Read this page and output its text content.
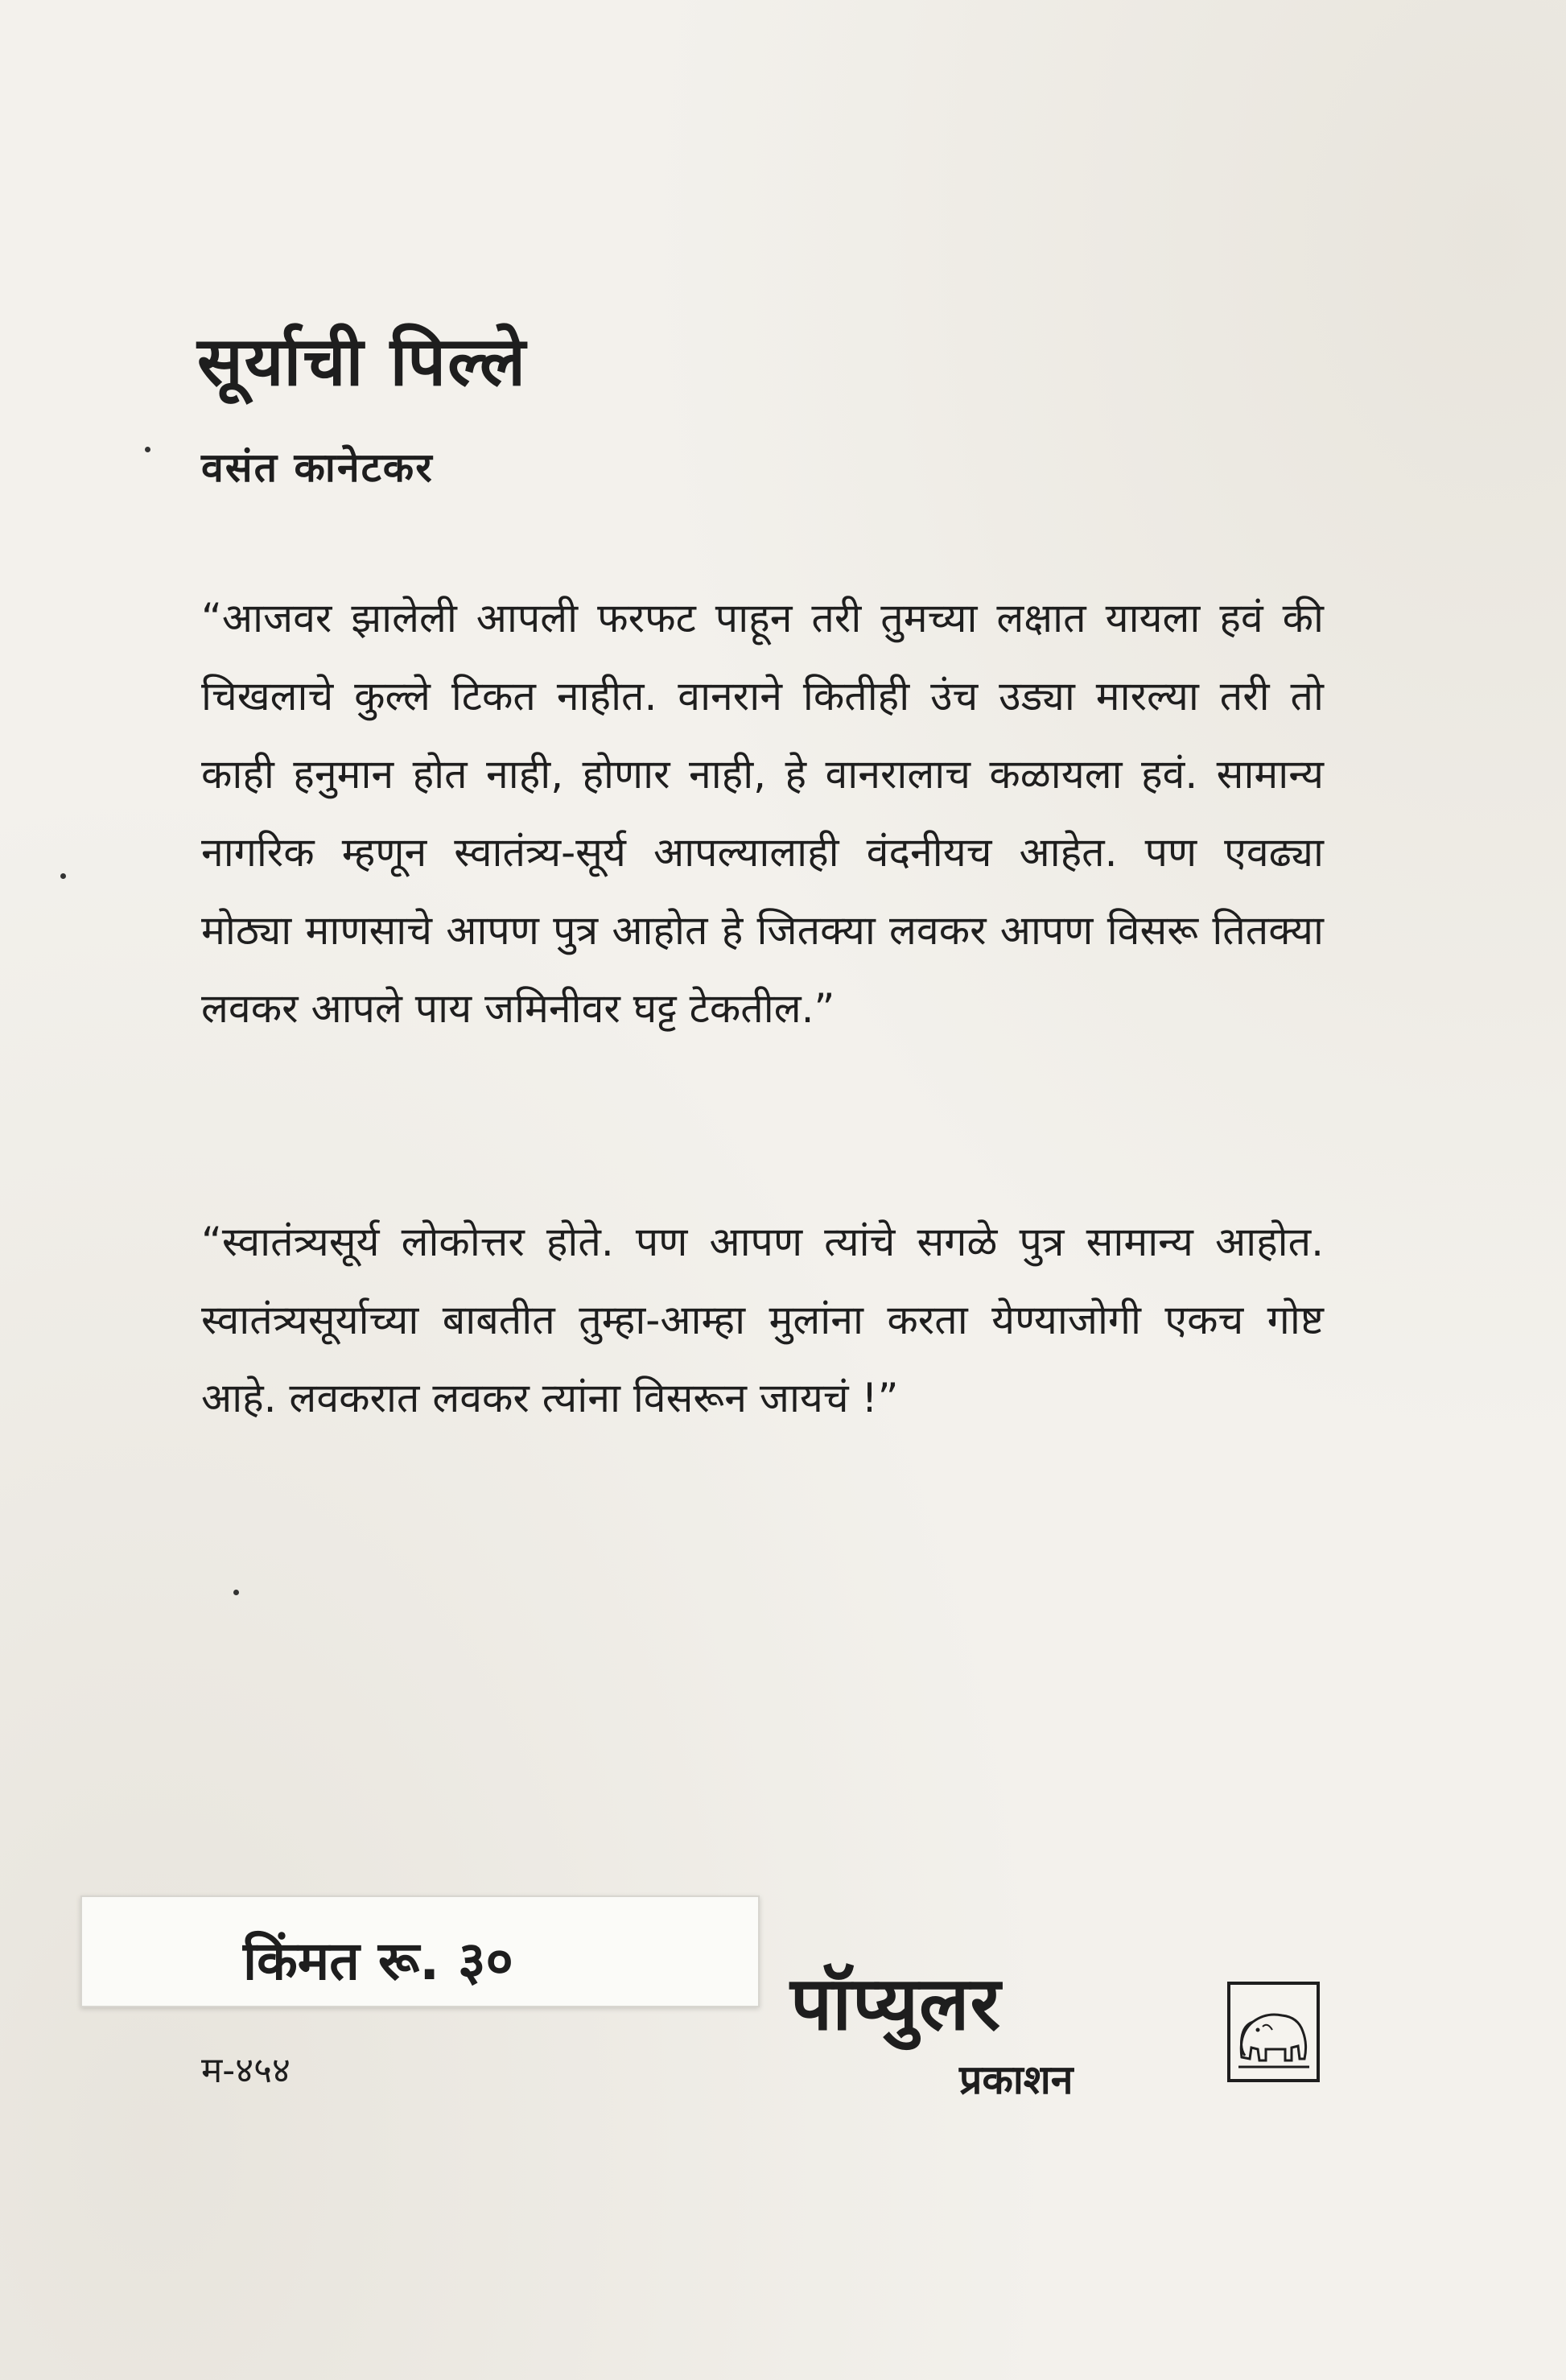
सूर्याची पिल्ले
वसंत कानेटकर
“आजवर झालेली आपली फरफट पाहून तरी तुमच्या लक्षात यायला हवं की चिखलाचे कुल्ले टिकत नाहीत. वानराने कितीही उंच उड्या मारल्या तरी तो काही हनुमान होत नाही, होणार नाही, हे वानरालाच कळायला हवं. सामान्य नागरिक म्हणून स्वातंत्र्य-सूर्य आपल्यालाही वंदनीयच आहेत. पण एवढ्या मोठ्या माणसाचे आपण पुत्र आहोत हे जितक्या लवकर आपण विसरू तितक्या लवकर आपले पाय जमिनीवर घट्ट टेकतील.”
“स्वातंत्र्यसूर्य लोकोत्तर होते. पण आपण त्यांचे सगळे पुत्र सामान्य आहोत. स्वातंत्र्यसूर्याच्या बाबतीत तुम्हा-आम्हा मुलांना करता येण्याजोगी एकच गोष्ट आहे. लवकरात लवकर त्यांना विसरून जायचं !”
किंमत रू. ३०
म-४५४
पॉप्युलर
प्रकाशन
